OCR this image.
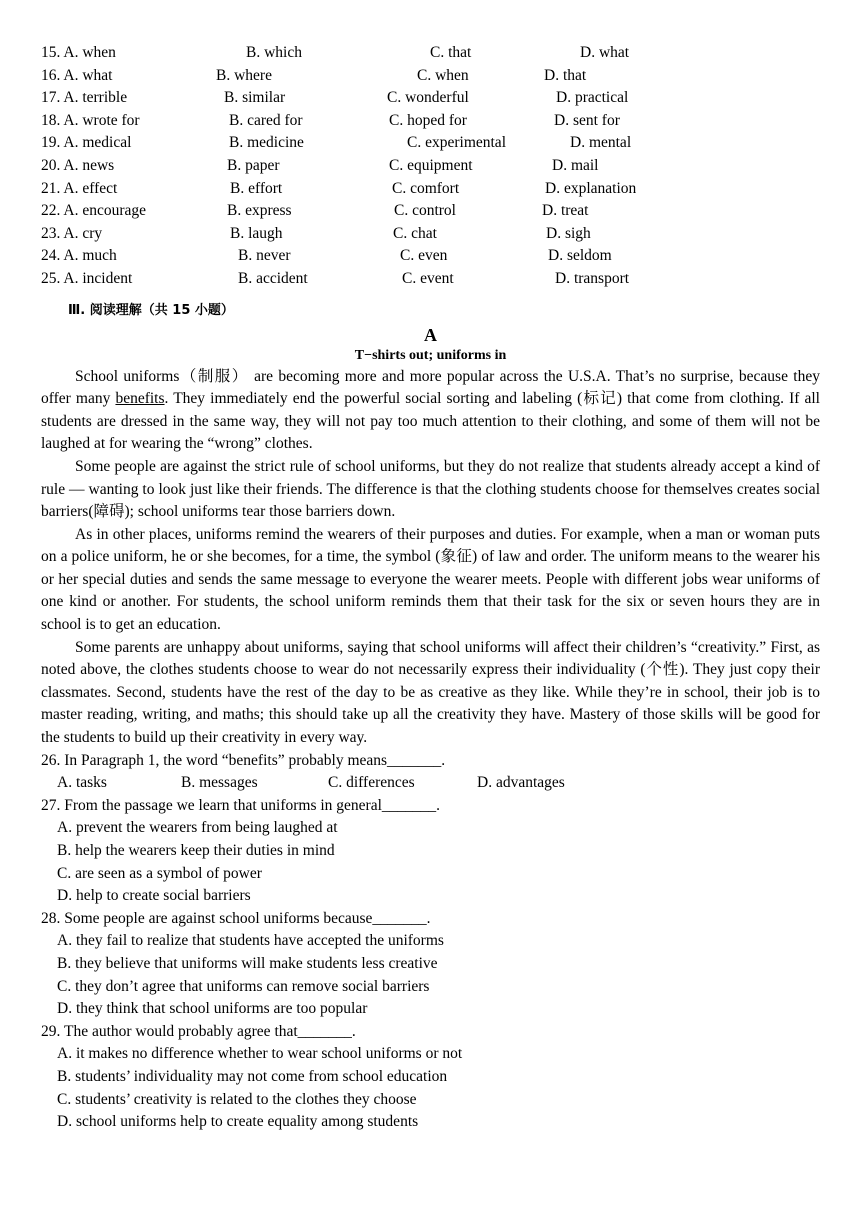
15. A. when	B. which	C. that	D. what
16. A. what	B. where	C. when	D. that
17. A. terrible	B. similar	C. wonderful	D. practical
18. A. wrote for	B. cared for	C. hoped for	D. sent for
19. A. medical	B. medicine	C. experimental	D. mental
20. A. news	B. paper	C. equipment	D. mail
21. A. effect	B. effort	C. comfort	D. explanation
22. A. encourage	B. express	C. control	D. treat
23. A. cry	B. laugh	C. chat	D. sigh
24. A. much	B. never	C. even	D. seldom
25. A. incident	B. accident	C. event	D. transport
Ⅲ. 阅读理解（共 15 小题）
A
T−shirts out; uniforms in

School uniforms（制服） are becoming more and more popular across the U.S.A. That’s no surprise, because they offer many benefits. They immediately end the powerful social sorting and labeling (标记) that come from clothing. If all students are dressed in the same way, they will not pay too much attention to their clothing, and some of them will not be laughed at for wearing the “wrong” clothes.

Some people are against the strict rule of school uniforms, but they do not realize that students already accept a kind of rule — wanting to look just like their friends. The difference is that the clothing students choose for themselves creates social barriers(障碍); school uniforms tear those barriers down.

As in other places, uniforms remind the wearers of their purposes and duties. For example, when a man or woman puts on a police uniform, he or she becomes, for a time, the symbol (象征) of law and order. The uniform means to the wearer his or her special duties and sends the same message to everyone the wearer meets. People with different jobs wear uniforms of one kind or another. For students, the school uniform reminds them that their task for the six or seven hours they are in school is to get an education.

Some parents are unhappy about uniforms, saying that school uniforms will affect their children’s “creativity.” First, as noted above, the clothes students choose to wear do not necessarily express their individuality (个性). They just copy their classmates. Second, students have the rest of the day to be as creative as they like. While they’re in school, their job is to master reading, writing, and maths; this should take up all the creativity they have. Mastery of those skills will be good for the students to build up their creativity in every way.

26. In Paragraph 1, the word “benefits” probably means_______.

A. tasks	B. messages	C. differences	D. advantages

27. From the passage we learn that uniforms in general_______.

A. prevent the wearers from being laughed at

B. help the wearers keep their duties in mind

C. are seen as a symbol of power

D. help to create social barriers

28. Some people are against school uniforms because_______.

A. they fail to realize that students have accepted the uniforms

B. they believe that uniforms will make students less creative

C. they don’t agree that uniforms can remove social barriers

D. they think that school uniforms are too popular

29. The author would probably agree that_______.

A. it makes no difference whether to wear school uniforms or not

B. students’ individuality may not come from school education

C. students’ creativity is related to the clothes they choose

D. school uniforms help to create equality among students
